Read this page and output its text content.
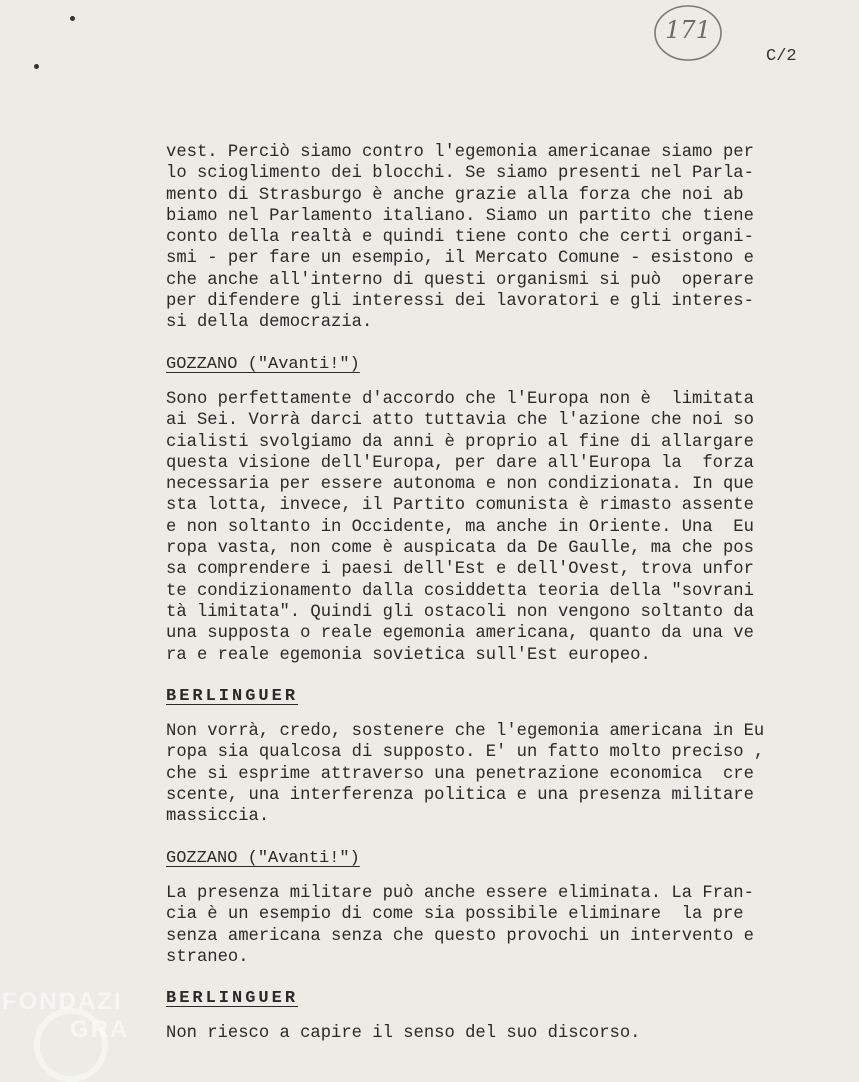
171
C/2
vest. Perciò siamo contro l'egemonia americanae siamo per
lo scioglimento dei blocchi. Se siamo presenti nel Parla-
mento di Strasburgo è anche grazie alla forza che noi ab
biamo nel Parlamento italiano. Siamo un partito che tiene
conto della realtà e quindi tiene conto che certi organi-
smi - per fare un esempio, il Mercato Comune - esistono e
che anche all'interno di questi organismi si può  operare
per difendere gli interessi dei lavoratori e gli interes-
si della democrazia.
GOZZANO ("Avanti!")
Sono perfettamente d'accordo che l'Europa non è  limitata
ai Sei. Vorrà darci atto tuttavia che l'azione che noi so
cialisti svolgiamo da anni è proprio al fine di allargare
questa visione dell'Europa, per dare all'Europa la  forza
necessaria per essere autonoma e non condizionata. In que
sta lotta, invece, il Partito comunista è rimasto assente
e non soltanto in Occidente, ma anche in Oriente. Una  Eu
ropa vasta, non come è auspicata da De Gaulle, ma che pos
sa comprendere i paesi dell'Est e dell'Ovest, trova unfor
te condizionamento dalla cosiddetta teoria della "sovrani
tà limitata". Quindi gli ostacoli non vengono soltanto da
una supposta o reale egemonia americana, quanto da una ve
ra e reale egemonia sovietica sull'Est europeo.
BERLINGUER
Non vorrà, credo, sostenere che l'egemonia americana in Eu
ropa sia qualcosa di supposto. E' un fatto molto preciso ,
che si esprime attraverso una penetrazione economica  cre
scente, una interferenza politica e una presenza militare
massiccia.
GOZZANO ("Avanti!")
La presenza militare può anche essere eliminata. La Fran-
cia è un esempio di come sia possibile eliminare  la pre
senza americana senza che questo provochi un intervento e
straneo.
BERLINGUER
Non riesco a capire il senso del suo discorso.
FONDAZI
GRA
